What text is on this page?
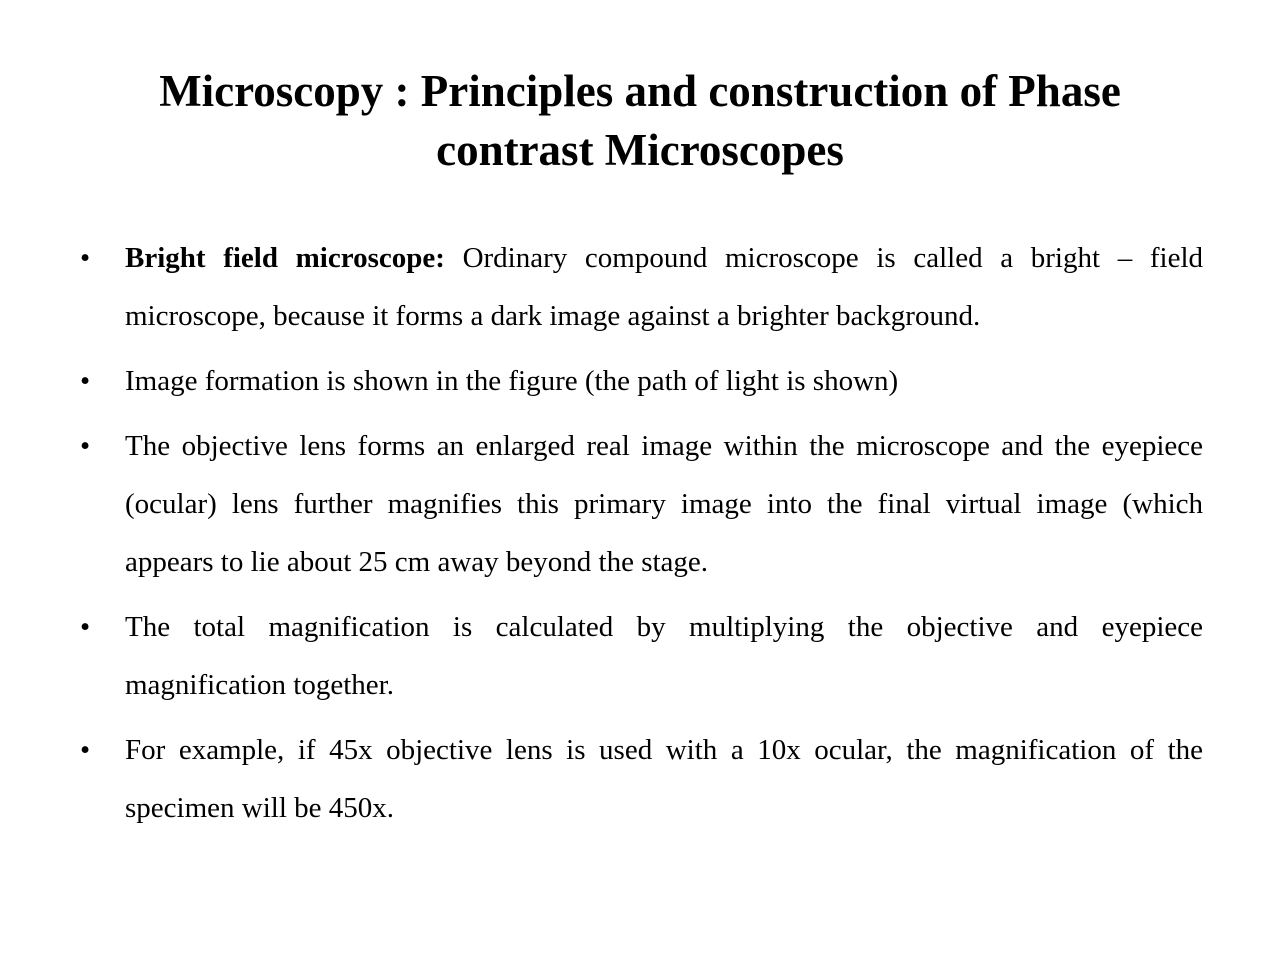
Microscopy : Principles and construction of Phase contrast Microscopes
• Bright field microscope: Ordinary compound microscope is called a bright – field microscope, because it forms a dark image against a brighter background.
• Image formation is shown in the figure (the path of light is shown)
• The objective lens forms an enlarged real image within the microscope and the eyepiece (ocular) lens further magnifies this primary image into the final virtual image (which appears to lie about 25 cm away beyond the stage.
• The total magnification is calculated by multiplying the objective and eyepiece magnification together.
• For example, if 45x objective lens is used with a 10x ocular, the magnification of the specimen will be 450x.
